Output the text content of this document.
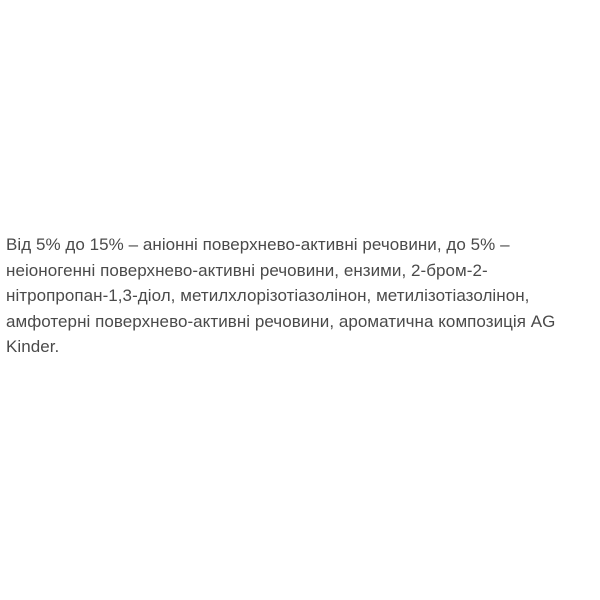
Від 5% до 15% – аніонні поверхнево-активні речовини, до 5% – неіоногенні поверхнево-активні речовини, ензими, 2-бром-2-нітропропан-1,3-діол, метилхлорізотіазолінон, метилізотіазолінон, амфотерні поверхнево-активні речовини, ароматична композиція AG Kinder.
